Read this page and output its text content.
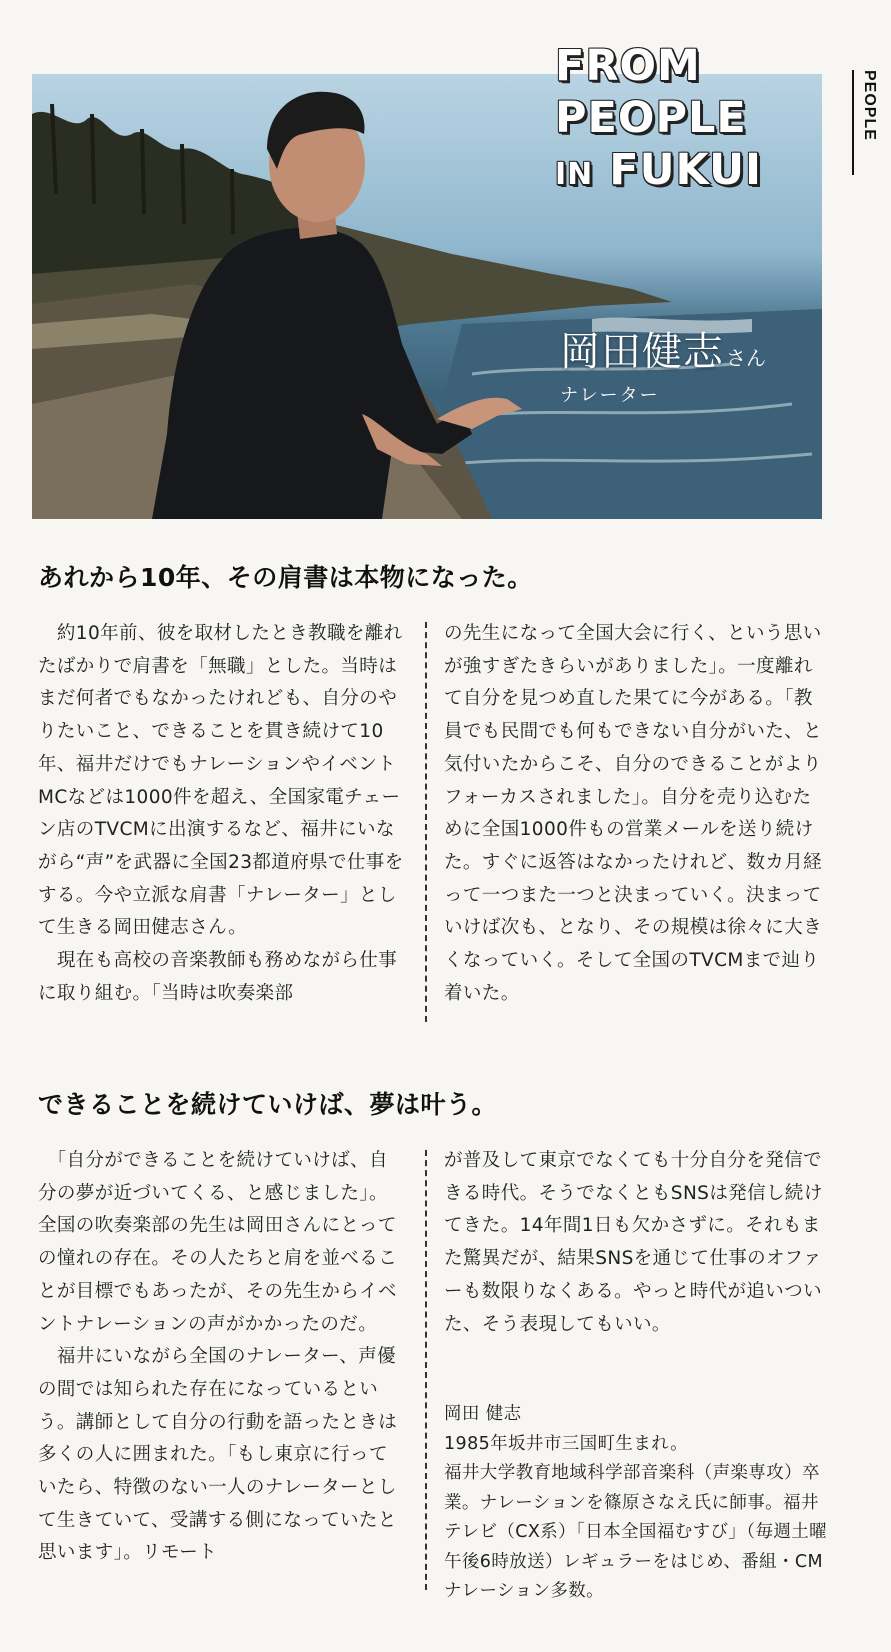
FROM
PEOPLE
IN FUKUI
PEOPLE
岡田健志 さん
ナレーター
あれから10年、その肩書は本物になった。

　約10年前、彼を取材したとき教職を離れたばかりで肩書を「無職」とした。当時はまだ何者でもなかったけれども、自分のやりたいこと、できることを貫き続けて10年、福井だけでもナレーションやイベントMCなどは1000件を超え、全国家電チェーン店のTVCMに出演するなど、福井にいながら“声”を武器に全国23都道府県で仕事をする。今や立派な肩書「ナレーター」として生きる岡田健志さん。

　現在も高校の音楽教師も務めながら仕事に取り組む。「当時は吹奏楽部

の先生になって全国大会に行く、という思いが強すぎたきらいがありました」。一度離れて自分を見つめ直した果てに今がある。「教員でも民間でも何もできない自分がいた、と気付いたからこそ、自分のできることがよりフォーカスされました」。自分を売り込むために全国1000件もの営業メールを送り続けた。すぐに返答はなかったけれど、数カ月経って一つまた一つと決まっていく。決まっていけば次も、となり、その規模は徐々に大きくなっていく。そして全国のTVCMまで辿り着いた。

できることを続けていけば、夢は叶う。

　「自分ができることを続けていけば、自分の夢が近づいてくる、と感じました」。全国の吹奏楽部の先生は岡田さんにとっての憧れの存在。その人たちと肩を並べることが目標でもあったが、その先生からイベントナレーションの声がかかったのだ。

　福井にいながら全国のナレーター、声優の間では知られた存在になっているという。講師として自分の行動を語ったときは多くの人に囲まれた。「もし東京に行っていたら、特徴のない一人のナレーターとして生きていて、受講する側になっていたと思います」。リモート

が普及して東京でなくても十分自分を発信できる時代。そうでなくともSNSは発信し続けてきた。14年間1日も欠かさずに。それもまた驚異だが、結果SNSを通じて仕事のオファーも数限りなくある。やっと時代が追いついた、そう表現してもいい。

岡田 健志

1985年坂井市三国町生まれ。

福井大学教育地域科学部音楽科（声楽専攻）卒業。ナレーションを篠原さなえ氏に師事。福井テレビ（CX系）「日本全国福むすび」（毎週土曜午後6時放送）レギュラーをはじめ、番組・CMナレーション多数。
